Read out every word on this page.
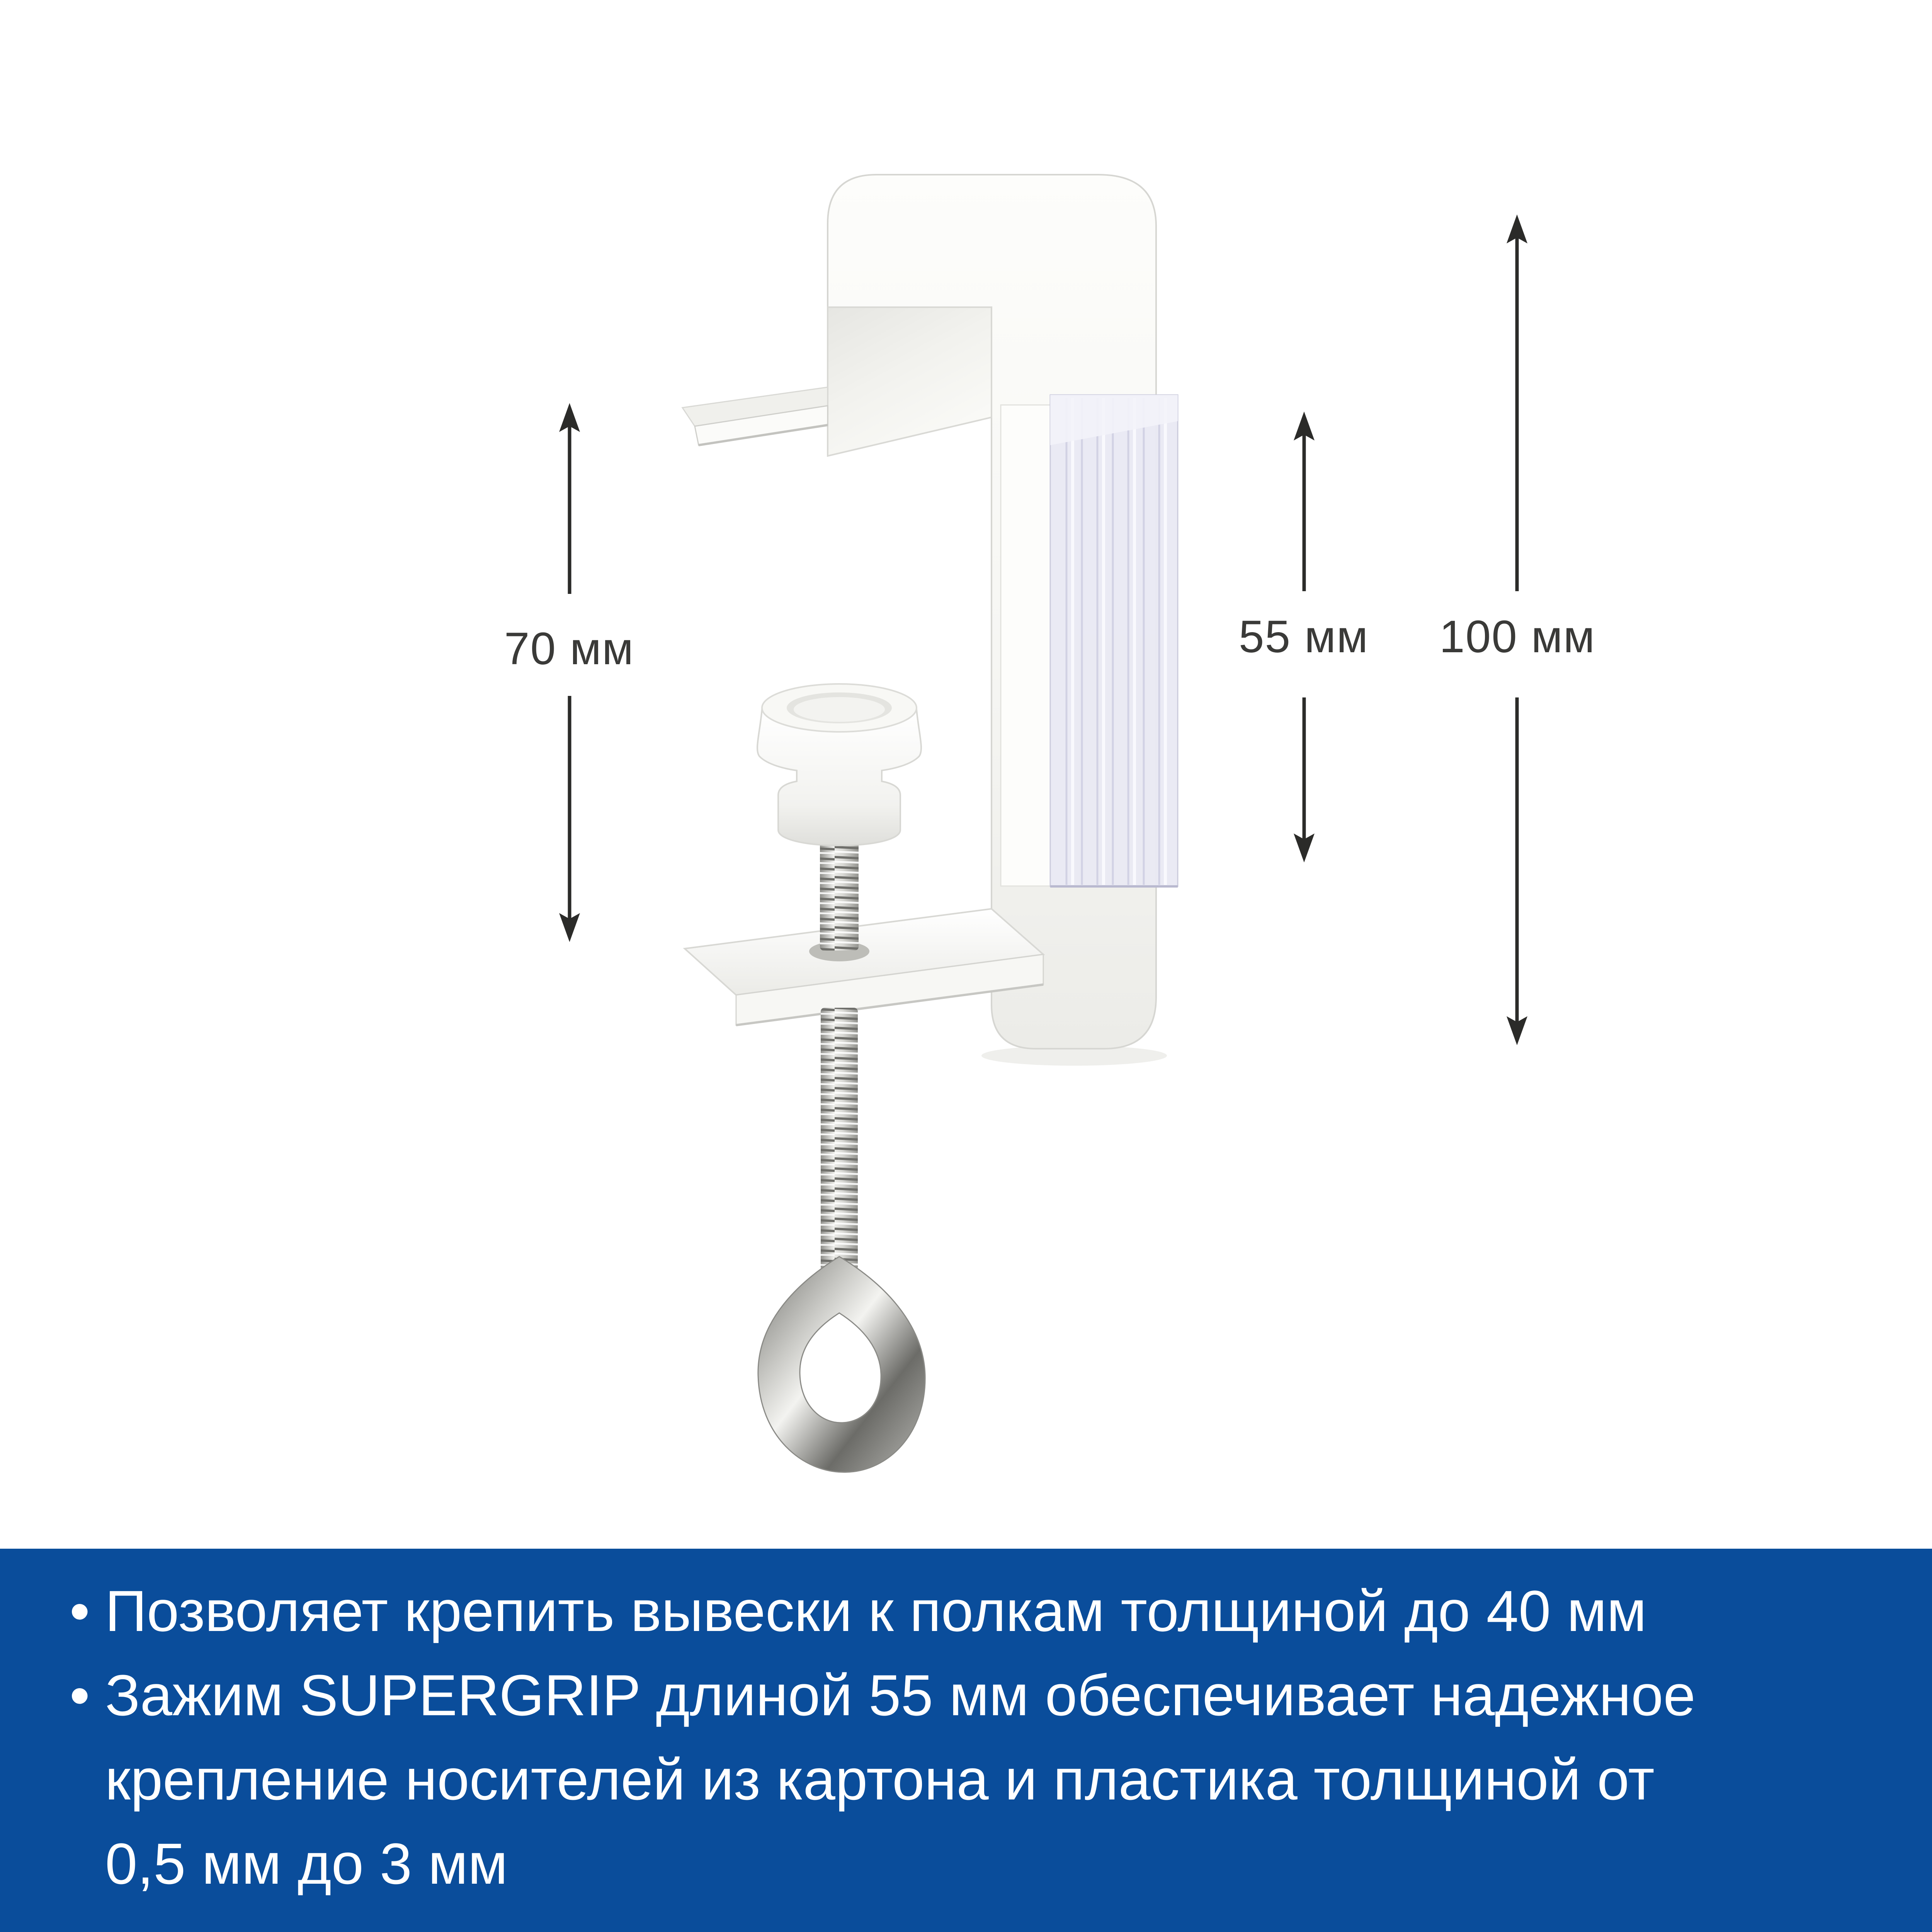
70 мм	55 мм 100 мм
• Позволяет крепить вывески к полкам толщиной до 40 мм
• Зажим SUPERGRIP длиной 55 мм обеспечивает надежное
крепление носителей из картона и пластика толщиной от
0,5 мм до 3 мм
